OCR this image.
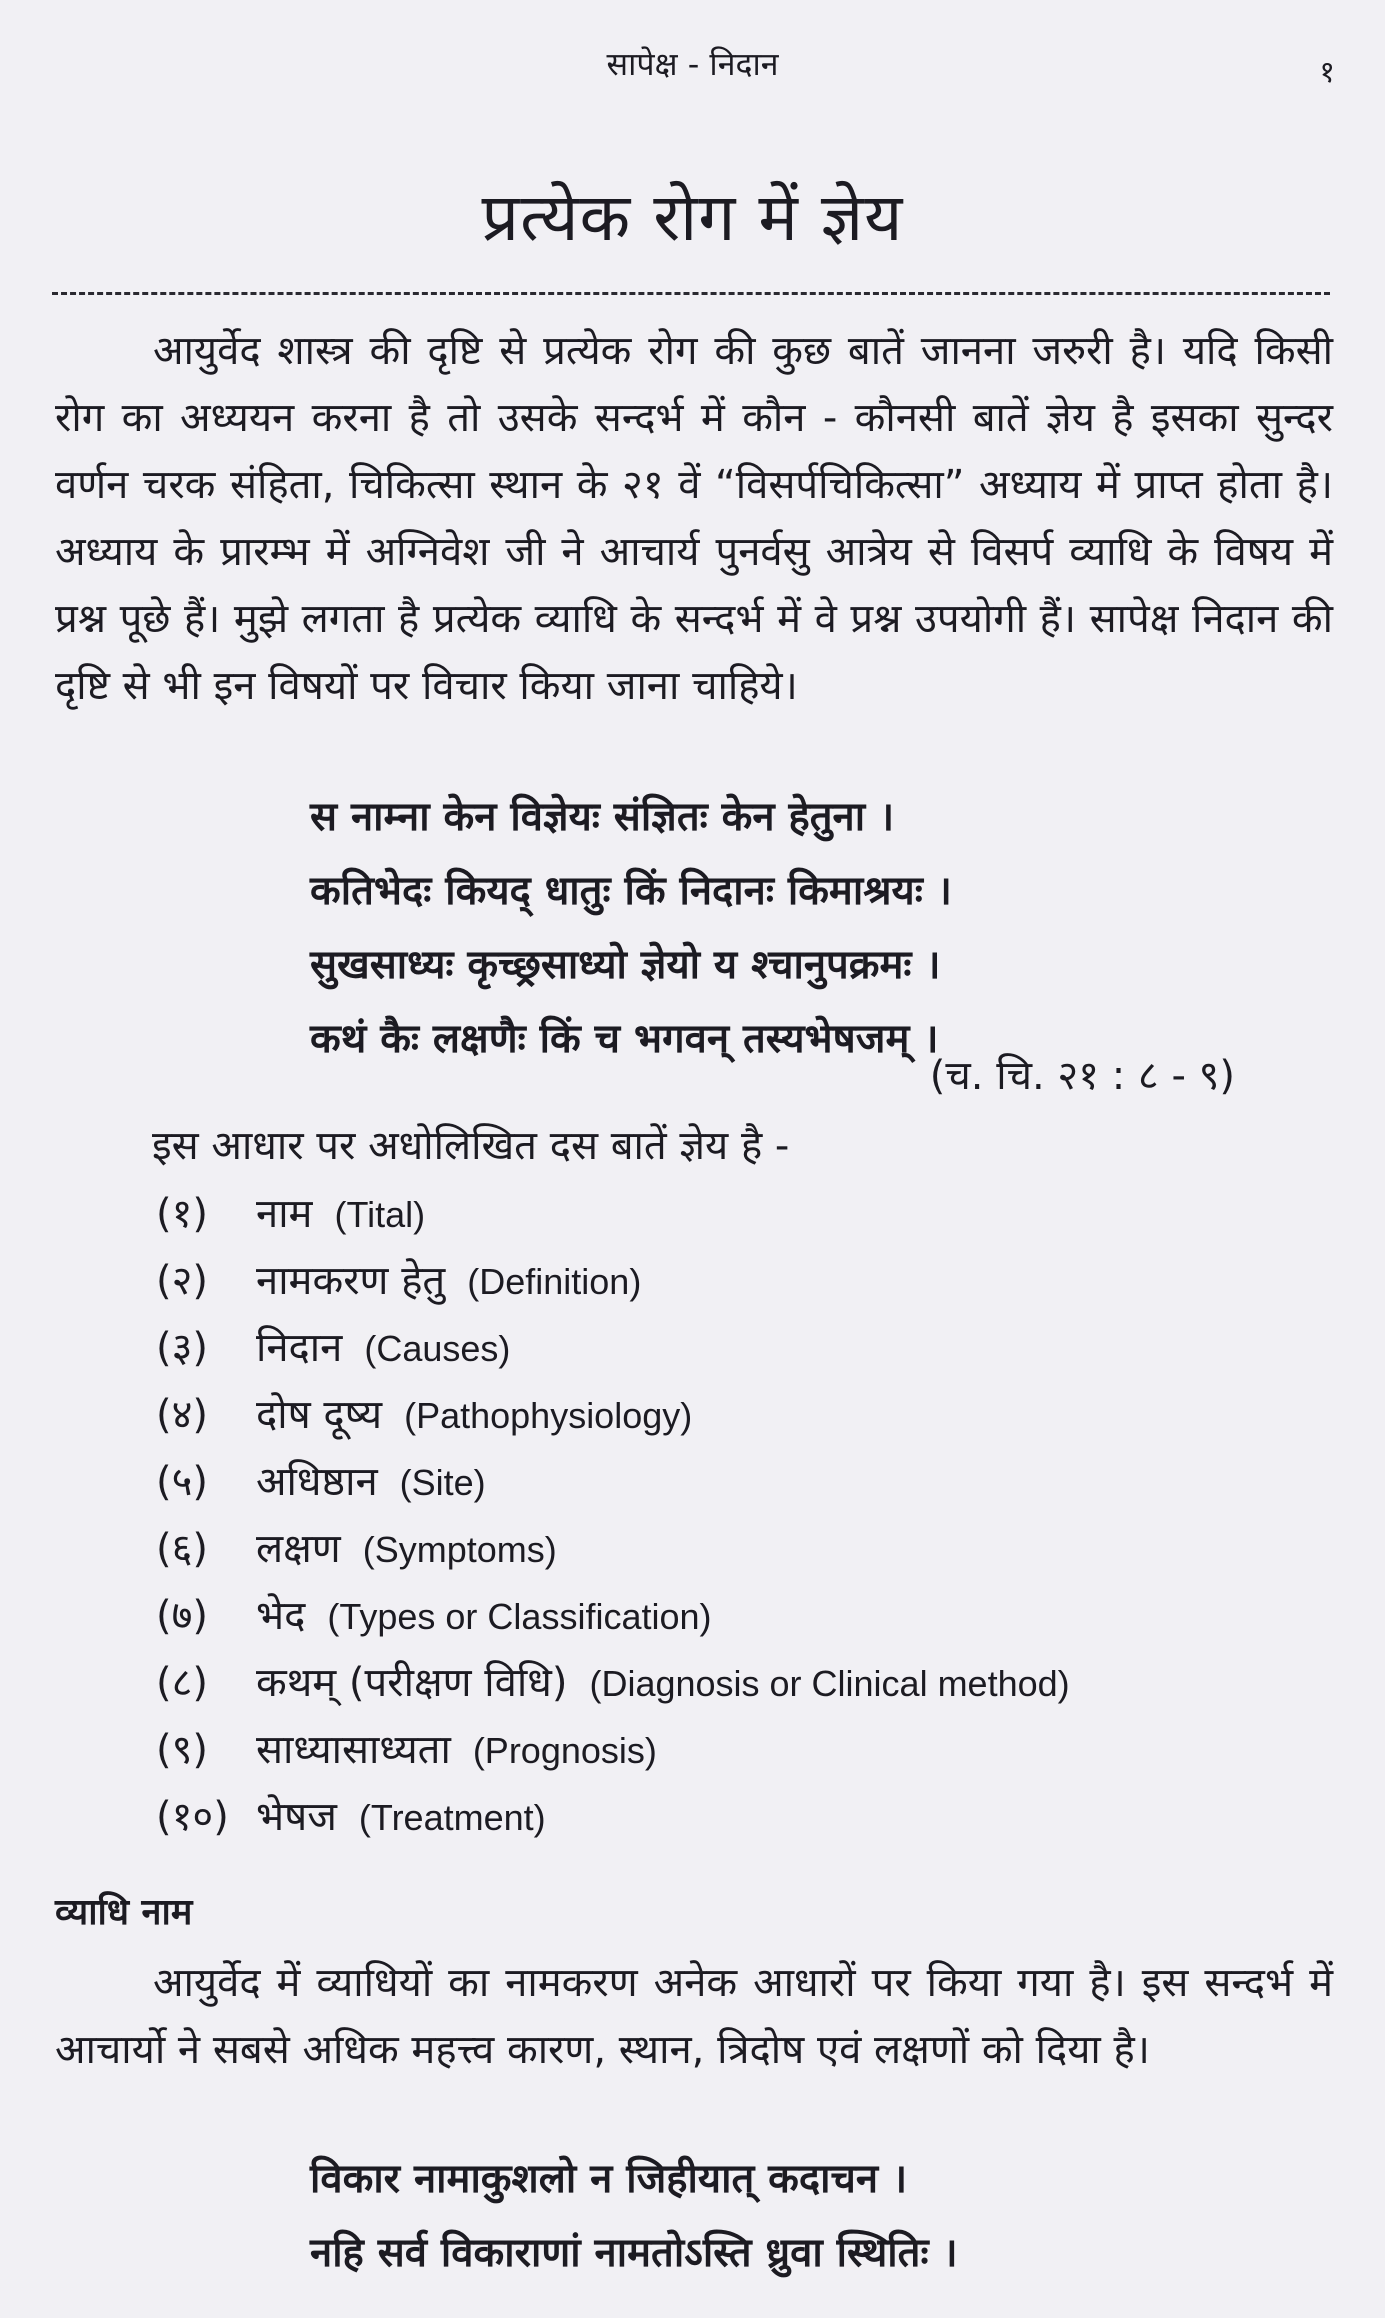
सापेक्ष - निदान	१
प्रत्येक रोग में ज्ञेय
आयुर्वेद शास्त्र की दृष्टि से प्रत्येक रोग की कुछ बातें जानना जरुरी है। यदि किसी रोग का अध्ययन करना है तो उसके सन्दर्भ में कौन - कौनसी बातें ज्ञेय है इसका सुन्दर वर्णन चरक संहिता, चिकित्सा स्थान के २१ वें “विसर्पचिकित्सा” अध्याय में प्राप्त होता है। अध्याय के प्रारम्भ में अग्निवेश जी ने आचार्य पुनर्वसु आत्रेय से विसर्प व्याधि के विषय में प्रश्न पूछे हैं। मुझे लगता है प्रत्येक व्याधि के सन्दर्भ में वे प्रश्न उपयोगी हैं। सापेक्ष निदान की दृष्टि से भी इन विषयों पर विचार किया जाना चाहिये।
स नाम्ना केन विज्ञेयः संज्ञितः केन हेतुना ।
कतिभेदः कियद् धातुः किं निदानः किमाश्रयः ।
सुखसाध्यः कृच्छ्रसाध्यो ज्ञेयो य श्चानुपक्रमः ।
कथं कैः लक्षणैः किं च भगवन् तस्यभेषजम् ।
(च. चि. २१ : ८ - ९)
इस आधार पर अधोलिखित दस बातें ज्ञेय है -
(१) नाम (Tital)
(२) नामकरण हेतु (Definition)
(३) निदान (Causes)
(४) दोष दूष्य (Pathophysiology)
(५) अधिष्ठान (Site)
(६) लक्षण (Symptoms)
(७) भेद (Types or Classification)
(८) कथम् (परीक्षण विधि) (Diagnosis or Clinical method)
(९) साध्यासाध्यता (Prognosis)
(१०) भेषज (Treatment)
व्याधि नाम
आयुर्वेद में व्याधियों का नामकरण अनेक आधारों पर किया गया है। इस सन्दर्भ में आचार्यो ने सबसे अधिक महत्त्व कारण, स्थान, त्रिदोष एवं लक्षणों को दिया है।
विकार नामाकुशलो न जिहीयात् कदाचन ।
नहि सर्व विकाराणां नामतोऽस्ति ध्रुवा स्थितिः ।
